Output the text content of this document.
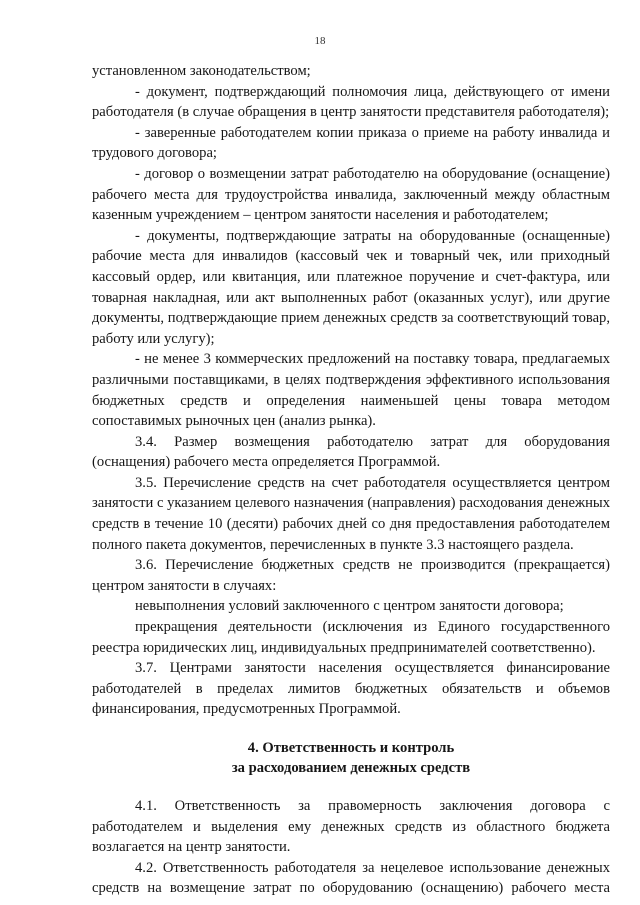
18

установленном законодательством;

- документ, подтверждающий полномочия лица, действующего от имени работодателя (в случае обращения в центр занятости представителя работодателя);

- заверенные работодателем копии приказа о приеме на работу инвалида и трудового договора;

- договор о возмещении затрат работодателю на оборудование (оснащение) рабочего места для трудоустройства инвалида, заключенный между областным казенным учреждением – центром занятости населения и работодателем;

- документы, подтверждающие затраты на оборудованные (оснащенные) рабочие места для инвалидов (кассовый чек и товарный чек, или приходный кассовый ордер, или квитанция, или платежное поручение и счет-фактура, или товарная накладная, или акт выполненных работ (оказанных услуг), или другие документы, подтверждающие прием денежных средств за соответствующий товар, работу или услугу);

- не менее 3 коммерческих предложений на поставку товара, предлагаемых различными поставщиками, в целях подтверждения эффективного использования бюджетных средств и определения наименьшей цены товара методом сопоставимых рыночных цен (анализ рынка).

3.4. Размер возмещения работодателю затрат для оборудования (оснащения) рабочего места определяется Программой.

3.5. Перечисление средств на счет работодателя осуществляется центром занятости с указанием целевого назначения (направления) расходования денежных средств в течение 10 (десяти) рабочих дней со дня предоставления работодателем полного пакета документов, перечисленных в пункте 3.3 настоящего раздела.

3.6. Перечисление бюджетных средств не производится (прекращается) центром занятости в случаях:

невыполнения условий заключенного с центром занятости договора;

прекращения деятельности (исключения из Единого государственного реестра юридических лиц, индивидуальных предпринимателей соответственно).

3.7. Центрами занятости населения осуществляется финансирование работодателей в пределах лимитов бюджетных обязательств и объемов финансирования, предусмотренных Программой.

4. Ответственность и контроль
за расходованием денежных средств

4.1. Ответственность за правомерность заключения договора с работодателем и выделения ему денежных средств из областного бюджета возлагается на центр занятости.

4.2. Ответственность работодателя за нецелевое использование денежных средств на возмещение затрат по оборудованию (оснащению) рабочего места
